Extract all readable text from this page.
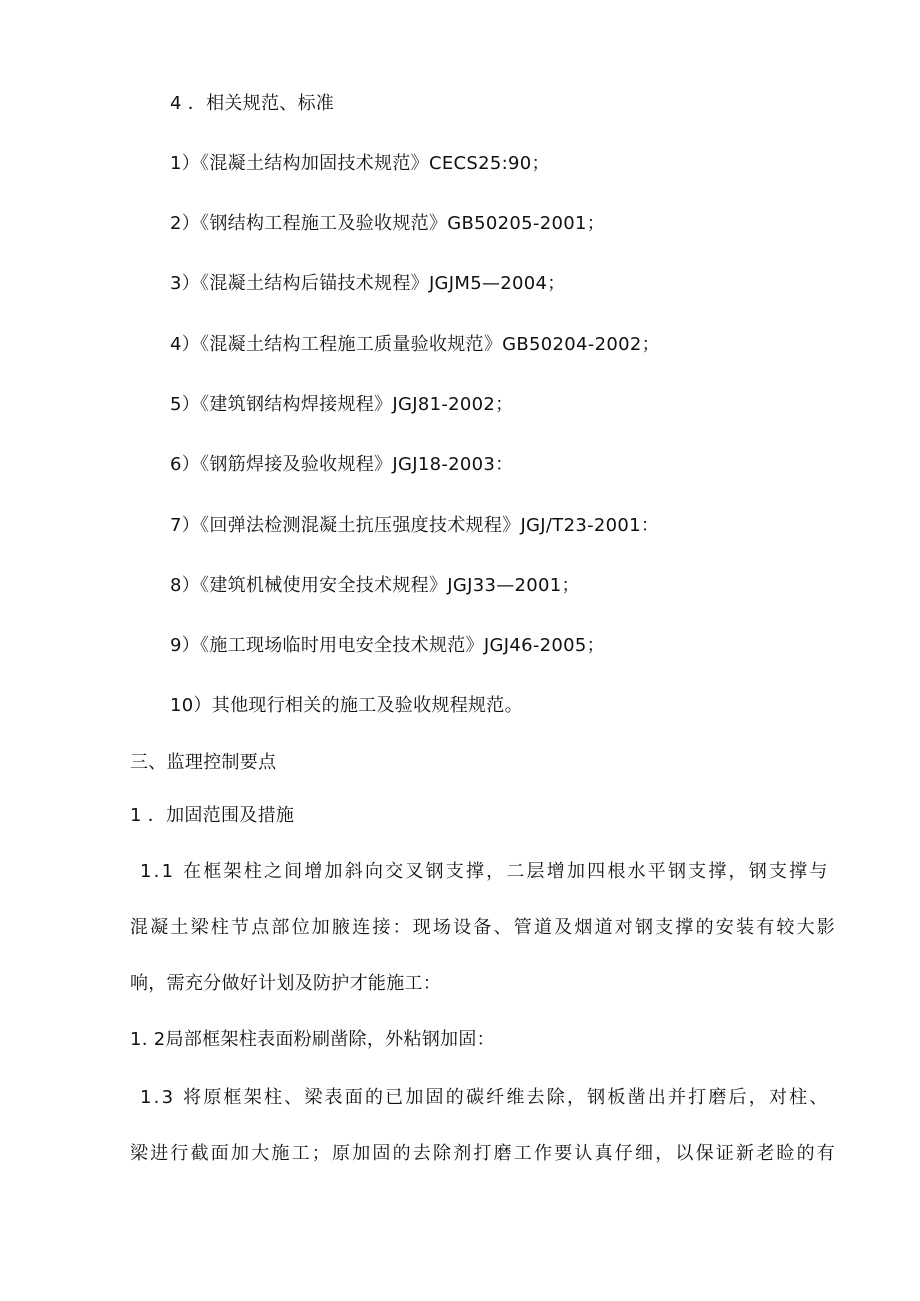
4 ．相关规范、标准
1）《混凝土结构加固技术规范》CECS25:90；
2）《钢结构工程施工及验收规范》GB50205-2001；
3）《混凝土结构后锚技术规程》JGJM5—2004；
4）《混凝土结构工程施工质量验收规范》GB50204-2002；
5）《建筑钢结构焊接规程》JGJ81-2002；
6）《钢筋焊接及验收规程》JGJ18-2003：
7）《回弹法检测混凝土抗压强度技术规程》JGJ/T23-2001：
8）《建筑机械使用安全技术规程》JGJ33—2001；
9）《施工现场临时用电安全技术规范》JGJ46-2005；
10）其他现行相关的施工及验收规程规范。
三、监理控制要点
1 ．加固范围及措施
1.1 在框架柱之间增加斜向交叉钢支撑，二层增加四根水平钢支撑，钢支撑与
混凝土梁柱节点部位加腋连接：现场设备、管道及烟道对钢支撑的安装有较大影
响，需充分做好计划及防护才能施工：
1. 2局部框架柱表面粉刷凿除，外粘钢加固：
1.3 将原框架柱、梁表面的已加固的碳纤维去除，钢板凿出并打磨后，对柱、
梁进行截面加大施工；原加固的去除剂打磨工作要认真仔细，以保证新老睑的有
